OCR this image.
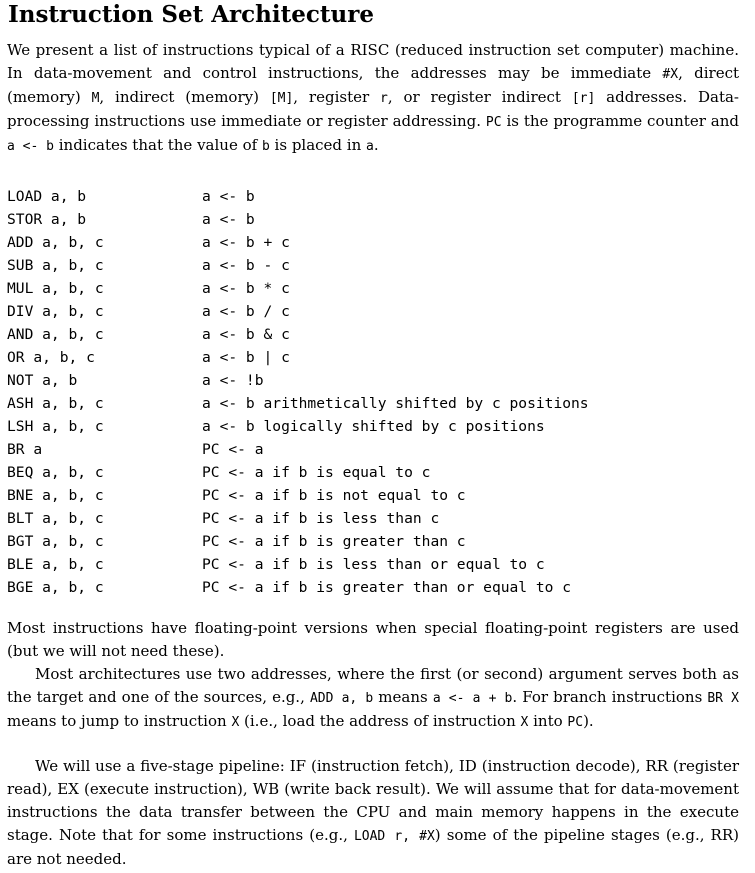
Instruction Set Architecture

We present a list of instructions typical of a RISC (reduced instruction set computer) machine. In data-movement and control instructions, the addresses may be immediate #X, direct (memory) M, indirect (memory) [M], register r, or register indirect [r] addresses. Data-processing instructions use immediate or register addressing. PC is the programme counter and a <- b indicates that the value of b is placed in a.

LOAD a, b	a <- b
STOR a, b	a <- b
ADD a, b, c	a <- b + c
SUB a, b, c	a <- b - c
MUL a, b, c	a <- b * c
DIV a, b, c	a <- b / c
AND a, b, c	a <- b & c
OR a, b, c	a <- b | c
NOT a, b	a <- !b
ASH a, b, c	a <- b arithmetically shifted by c positions
LSH a, b, c	a <- b logically shifted by c positions
BR a	PC <- a
BEQ a, b, c	PC <- a if b is equal to c
BNE a, b, c	PC <- a if b is not equal to c
BLT a, b, c	PC <- a if b is less than c
BGT a, b, c	PC <- a if b is greater than c
BLE a, b, c	PC <- a if b is less than or equal to c
BGE a, b, c	PC <- a if b is greater than or equal to c

Most instructions have floating-point versions when special floating-point registers are used (but we will not need these).

Most architectures use two addresses, where the first (or second) argument serves both as the target and one of the sources, e.g., ADD a, b means a <- a + b. For branch instructions BR X means to jump to instruction X (i.e., load the address of instruction X into PC).

We will use a five-stage pipeline: IF (instruction fetch), ID (instruction decode), RR (register read), EX (execute instruction), WB (write back result). We will assume that for data-movement instructions the data transfer between the CPU and main memory happens in the execute stage. Note that for some instructions (e.g., LOAD r, #X) some of the pipeline stages (e.g., RR) are not needed.
